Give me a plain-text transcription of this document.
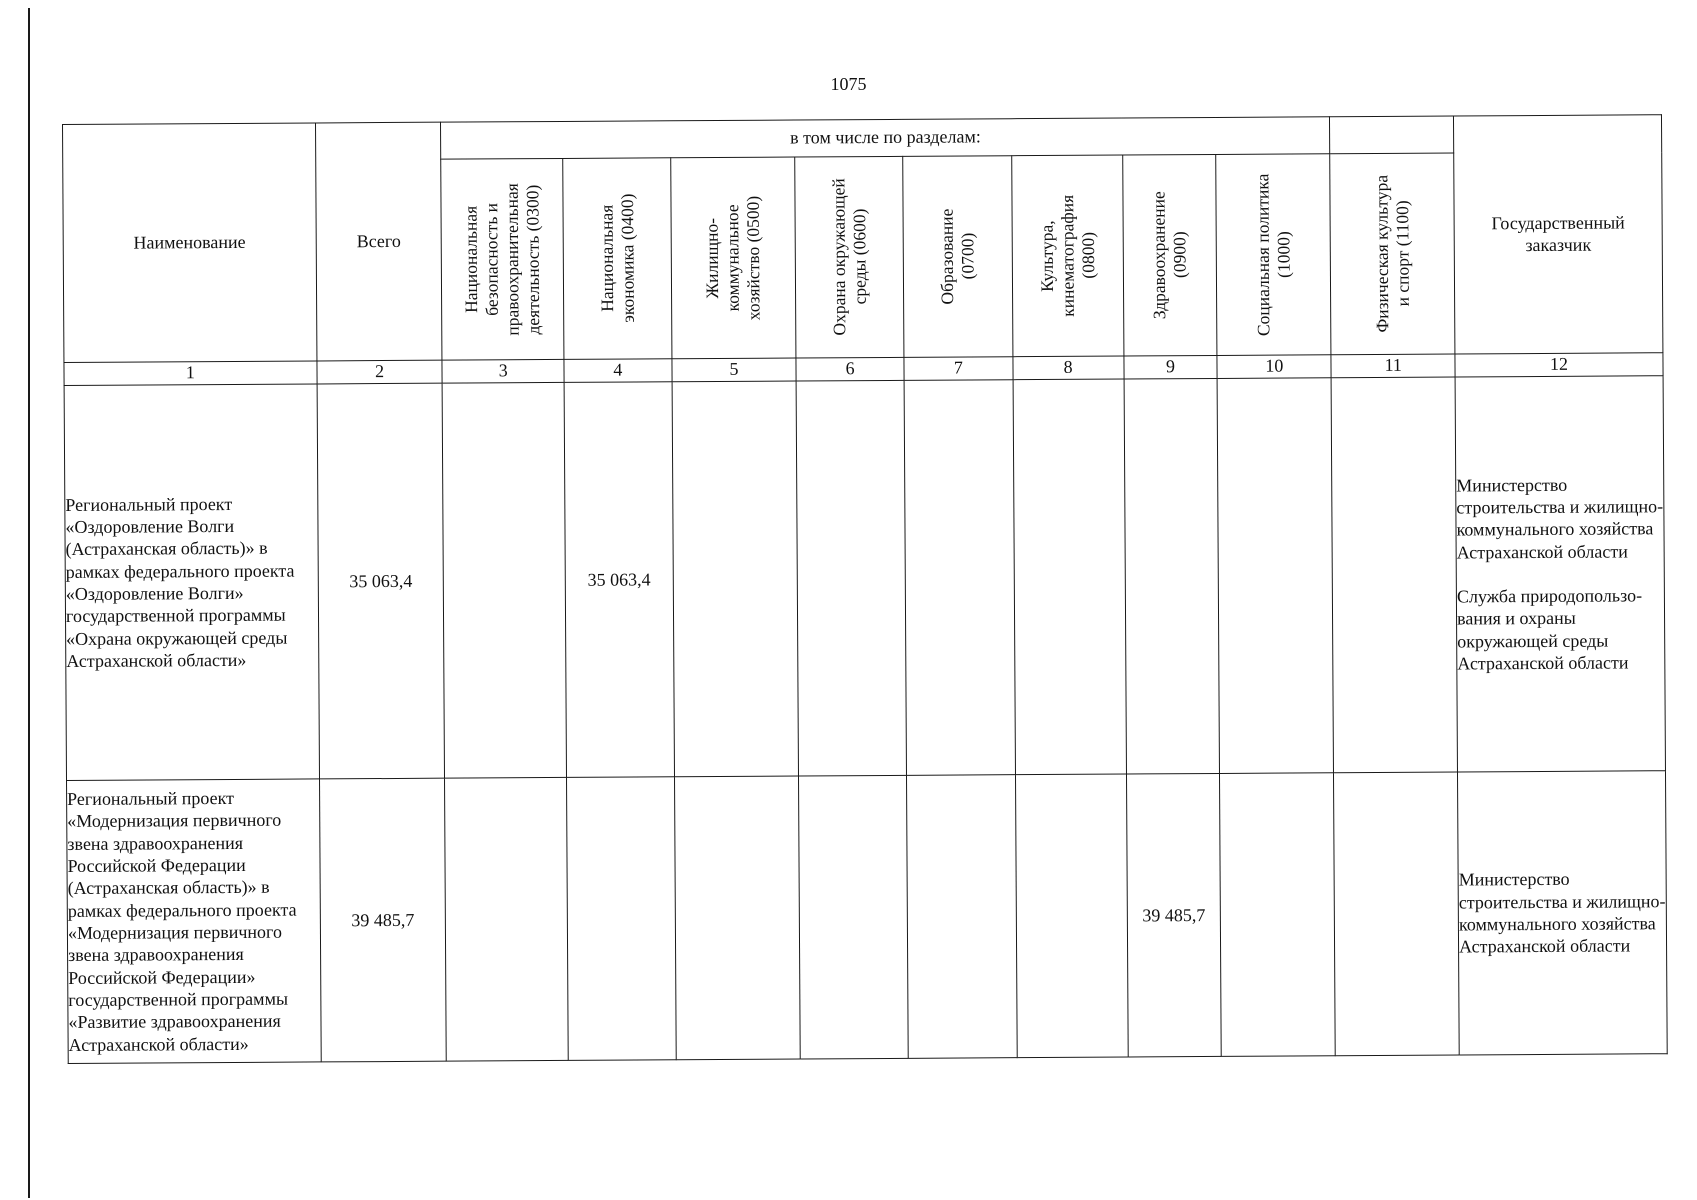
1075
Наименование	Всего	в том числе по разделам:									Государственный заказчик

		Национальная
безопасность и
правоохранительная
деятельность (0300)	Национальная
экономика (0400)	Жилищно-
коммунальное
хозяйство (0500)	Охрана окружающей
среды (0600)	Образование
(0700)	Культура,
кинематография
(0800)	Здравоохранение
(0900)	Социальная политика
(1000)	Физическая культура
и спорт (1100)	

1	2	3	4	5	6	7	8	9	10	11	12
Региональный проект «Оздоровление Волги (Астраханская область)» в рамках федерального проекта «Оздоровление Волги» государственной программы «Охрана окружающей среды Астраханской области»	35 063,4		35 063,4								Министерство строительства и жилищно-коммунального хозяйства Астраханской области
Служба природопользо-вания и охраны окружающей среды Астраханской области

Региональный проект «Модернизация первичного звена здравоохранения Российской Федерации (Астраханская область)» в рамках федерального проекта «Модернизация первичного звена здравоохранения Российской Федерации» государственной программы «Развитие здравоохранения Астраханской области»	39 485,7							39 485,7			Министерство строительства и жилищно-коммунального хозяйства Астраханской области
